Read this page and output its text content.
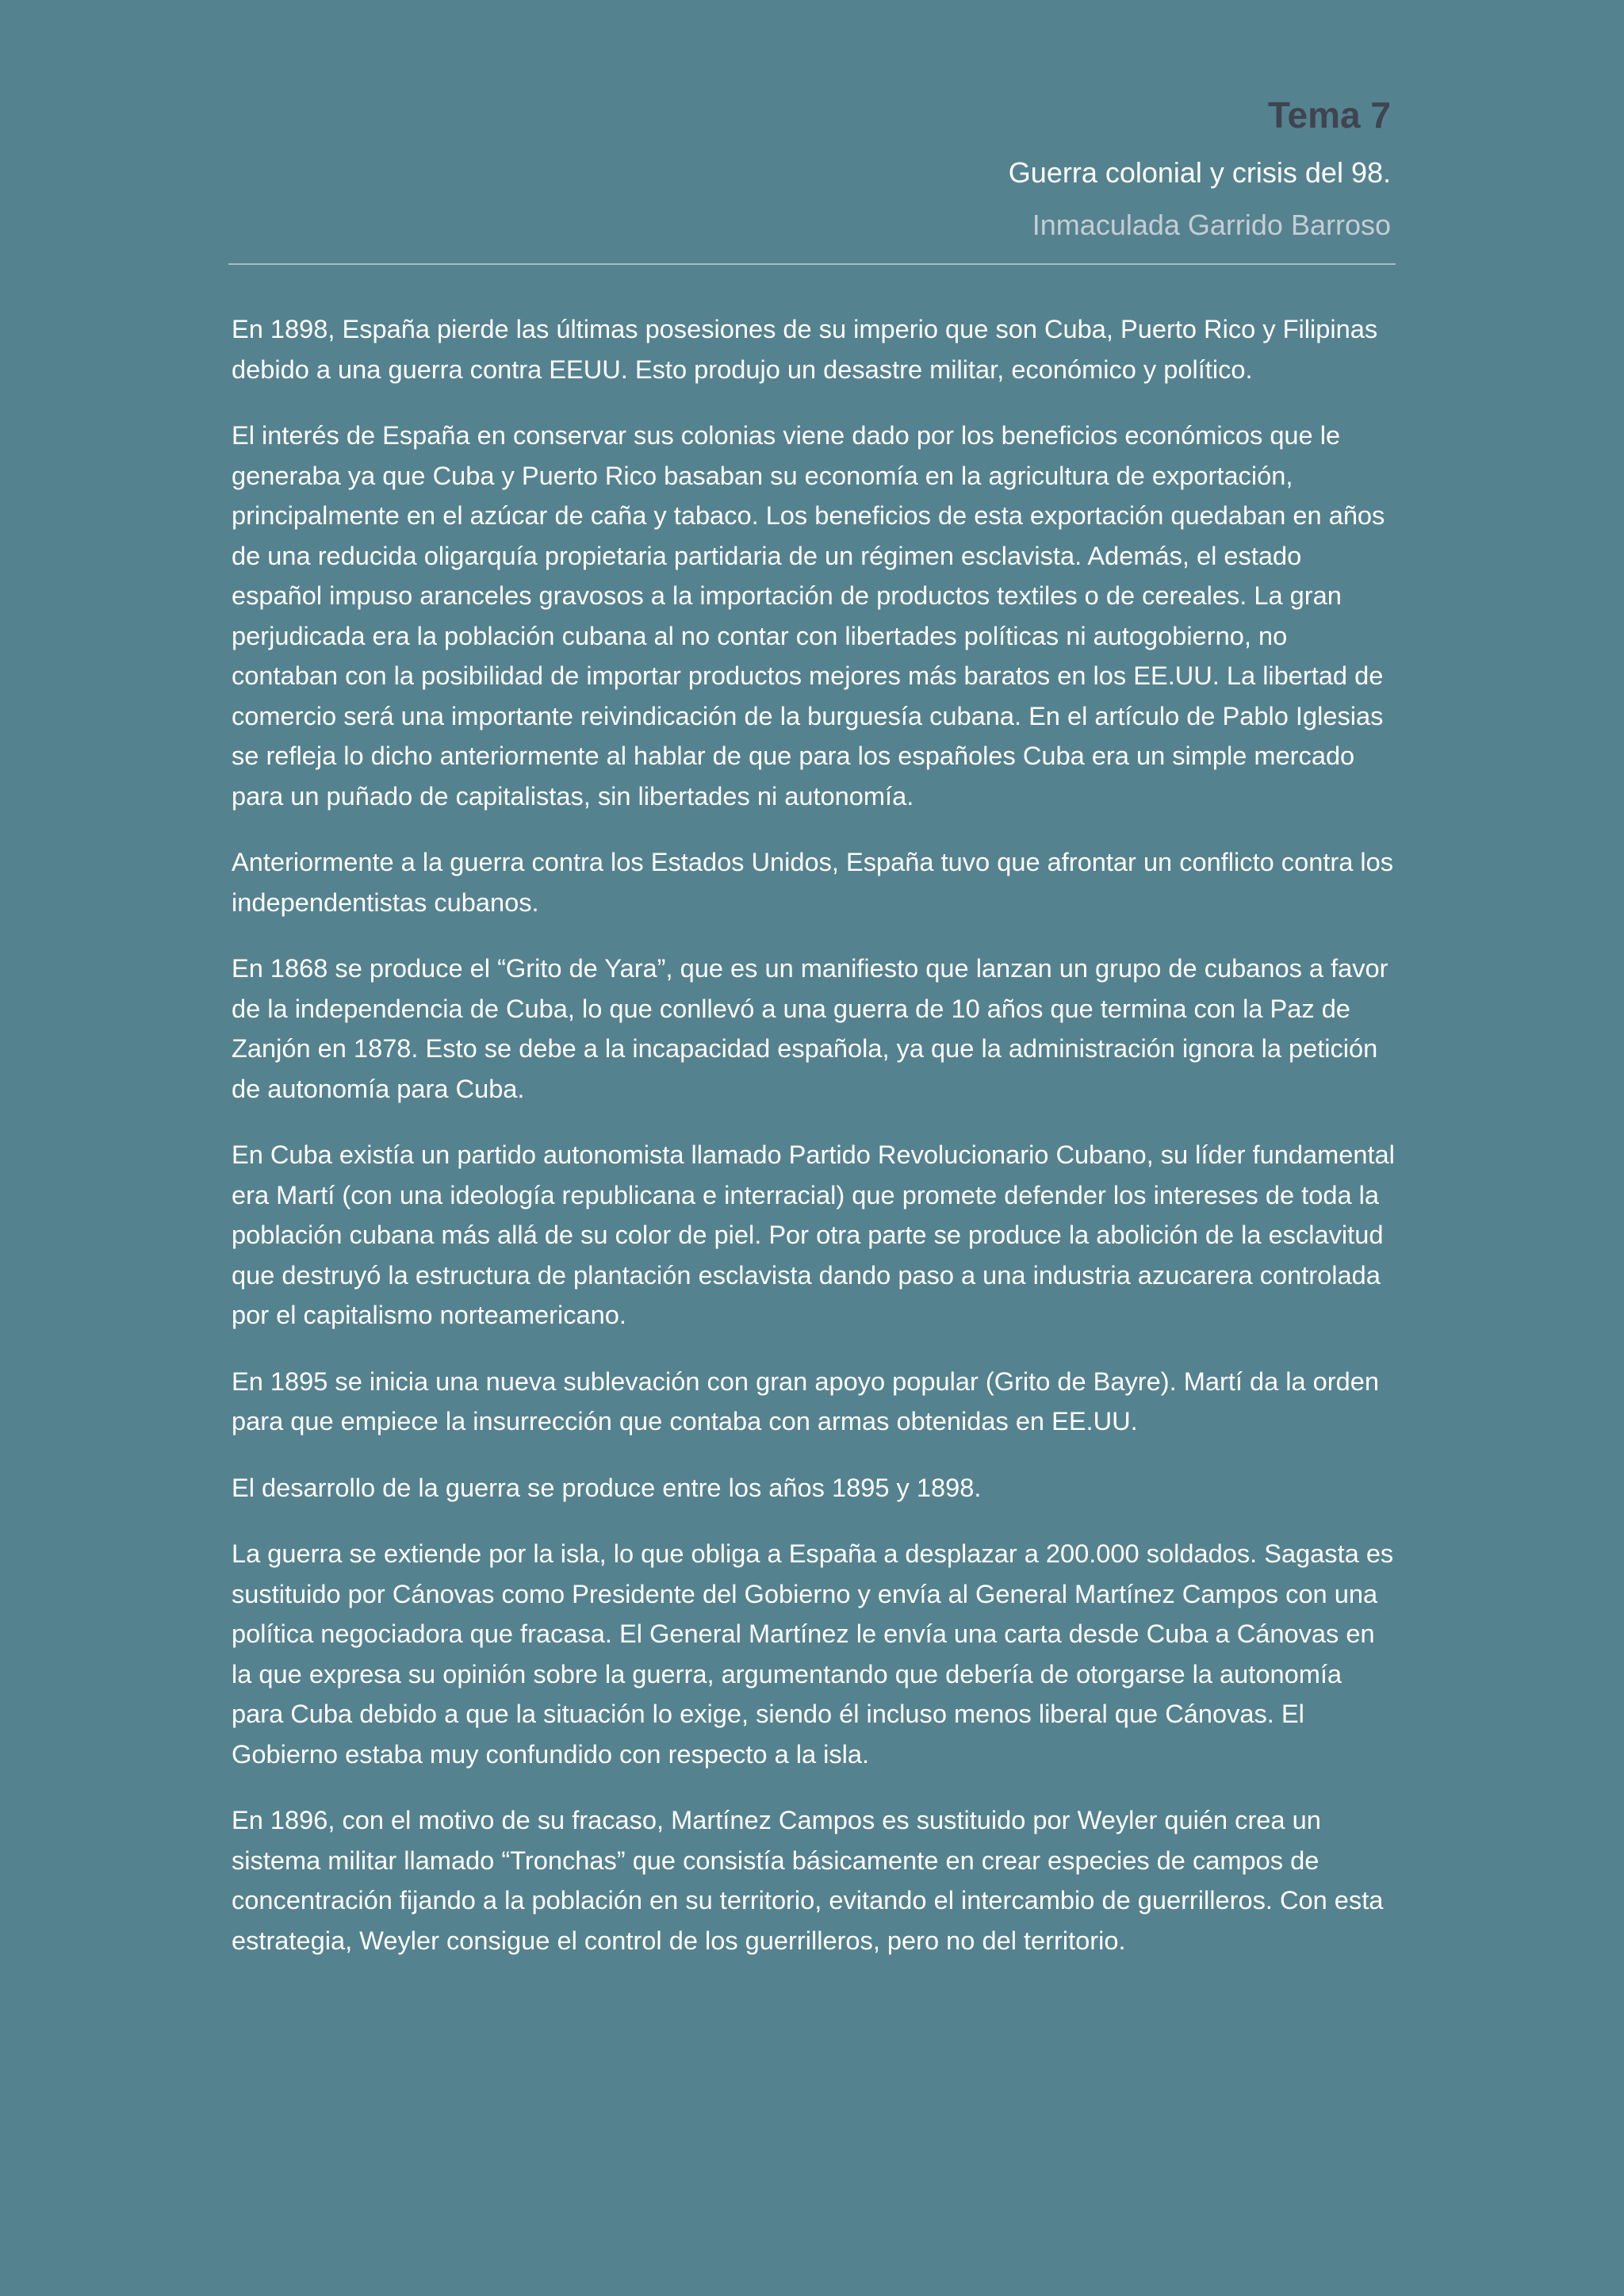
Tema 7
Guerra colonial y crisis del 98.
Inmaculada Garrido Barroso

En 1898, España pierde las últimas posesiones de su imperio que son Cuba, Puerto Rico y Filipinas debido a una guerra contra EEUU. Esto produjo un desastre militar, económico y político.

El interés de España en conservar sus colonias viene dado por los beneficios económicos que le generaba ya que Cuba y Puerto Rico basaban su economía en la agricultura de exportación, principalmente en el azúcar de caña y tabaco. Los beneficios de esta exportación quedaban en años de una reducida oligarquía propietaria partidaria de un régimen esclavista. Además, el estado español impuso aranceles gravosos a la importación de productos textiles o de cereales. La gran perjudicada era la población cubana al no contar con libertades políticas ni autogobierno, no contaban con la posibilidad de importar productos mejores más baratos en los EE.UU. La libertad de comercio será una importante reivindicación de la burguesía cubana. En el artículo de Pablo Iglesias se refleja lo dicho anteriormente al hablar de que para los españoles Cuba era un simple mercado para un puñado de capitalistas, sin libertades ni autonomía.

Anteriormente a la guerra contra los Estados Unidos, España tuvo que afrontar un conflicto contra los independentistas cubanos.

En 1868 se produce el “Grito de Yara”, que es un manifiesto que lanzan un grupo de cubanos a favor de la independencia de Cuba, lo que conllevó a una guerra de 10 años que termina con la Paz de Zanjón en 1878. Esto se debe a la incapacidad española, ya que la administración ignora la petición de autonomía para Cuba.

En Cuba existía un partido autonomista llamado Partido Revolucionario Cubano, su líder fundamental era Martí (con una ideología republicana e interracial) que promete defender los intereses de toda la población cubana más allá de su color de piel. Por otra parte se produce la abolición de la esclavitud que destruyó la estructura de plantación esclavista dando paso a una industria azucarera controlada por el capitalismo norteamericano.

En 1895 se inicia una nueva sublevación con gran apoyo popular (Grito de Bayre). Martí da la orden para que empiece la insurrección que contaba con armas obtenidas en EE.UU.

El desarrollo de la guerra se produce entre los años 1895 y 1898.

La guerra se extiende por la isla, lo que obliga a España a desplazar a 200.000 soldados. Sagasta es sustituido por Cánovas como Presidente del Gobierno y envía al General Martínez Campos con una política negociadora que fracasa. El General Martínez le envía una carta desde Cuba a Cánovas en la que expresa su opinión sobre la guerra, argumentando que debería de otorgarse la autonomía para Cuba debido a que la situación lo exige, siendo él incluso menos liberal que Cánovas. El Gobierno estaba muy confundido con respecto a la isla.

En 1896, con el motivo de su fracaso, Martínez Campos es sustituido por Weyler quién crea un sistema militar llamado “Tronchas” que consistía básicamente en crear especies de campos de concentración fijando a la población en su territorio, evitando el intercambio de guerrilleros. Con esta estrategia, Weyler consigue el control de los guerrilleros, pero no del territorio.
